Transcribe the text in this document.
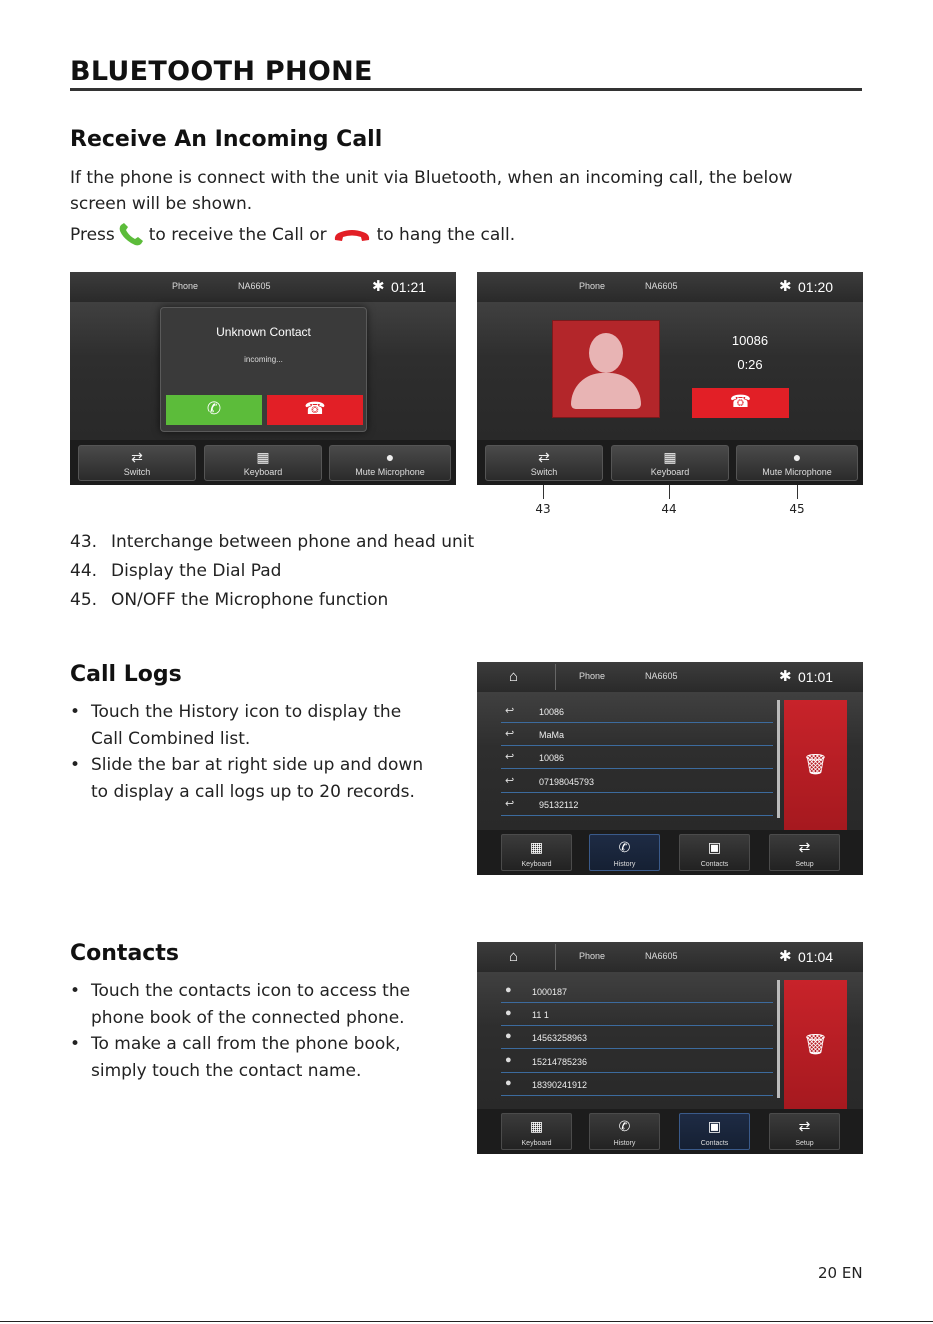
BLUETOOTH PHONE
Receive An Incoming Call
If the phone is connect with the unit via Bluetooth, when an incoming call, the below
screen will be shown.
Press to receive the Call or	to hang the call.
Phone	NA6605	✱ 01:21
Unknown Contact
incoming...
✆	☎
⇄
Switch
▦
Keyboard
●
Mute Microphone
Phone	NA6605	✱ 01:20
10086
0:26
☎
⇄
Switch
▦
Keyboard
●
Mute Microphone
43	44	45
43. Interchange between phone and head unit
44. Display the Dial Pad
45. ON/OFF the Microphone function
Call Logs
• Touch the History icon to display the
Call Combined list.
• Slide the bar at right side up and down
to display a call logs up to 20 records.
⌂	Phone	NA6605	✱ 01:01
↩	10086
↩	MaMa
↩	10086
↩	07198045793
↩	95132112
🗑
▦
Keyboard
✆
History
▣
Contacts
⇄
Setup
Contacts
• Touch the contacts icon to access the
phone book of the connected phone.
• To make a call from the phone book,
simply touch the contact name.
⌂	Phone	NA6605	✱ 01:04
● 1000187
● 11 1
● 14563258963
● 15214785236
● 18390241912
🗑
▦
Keyboard
✆
History
▣
Contacts
⇄
Setup
20 EN
